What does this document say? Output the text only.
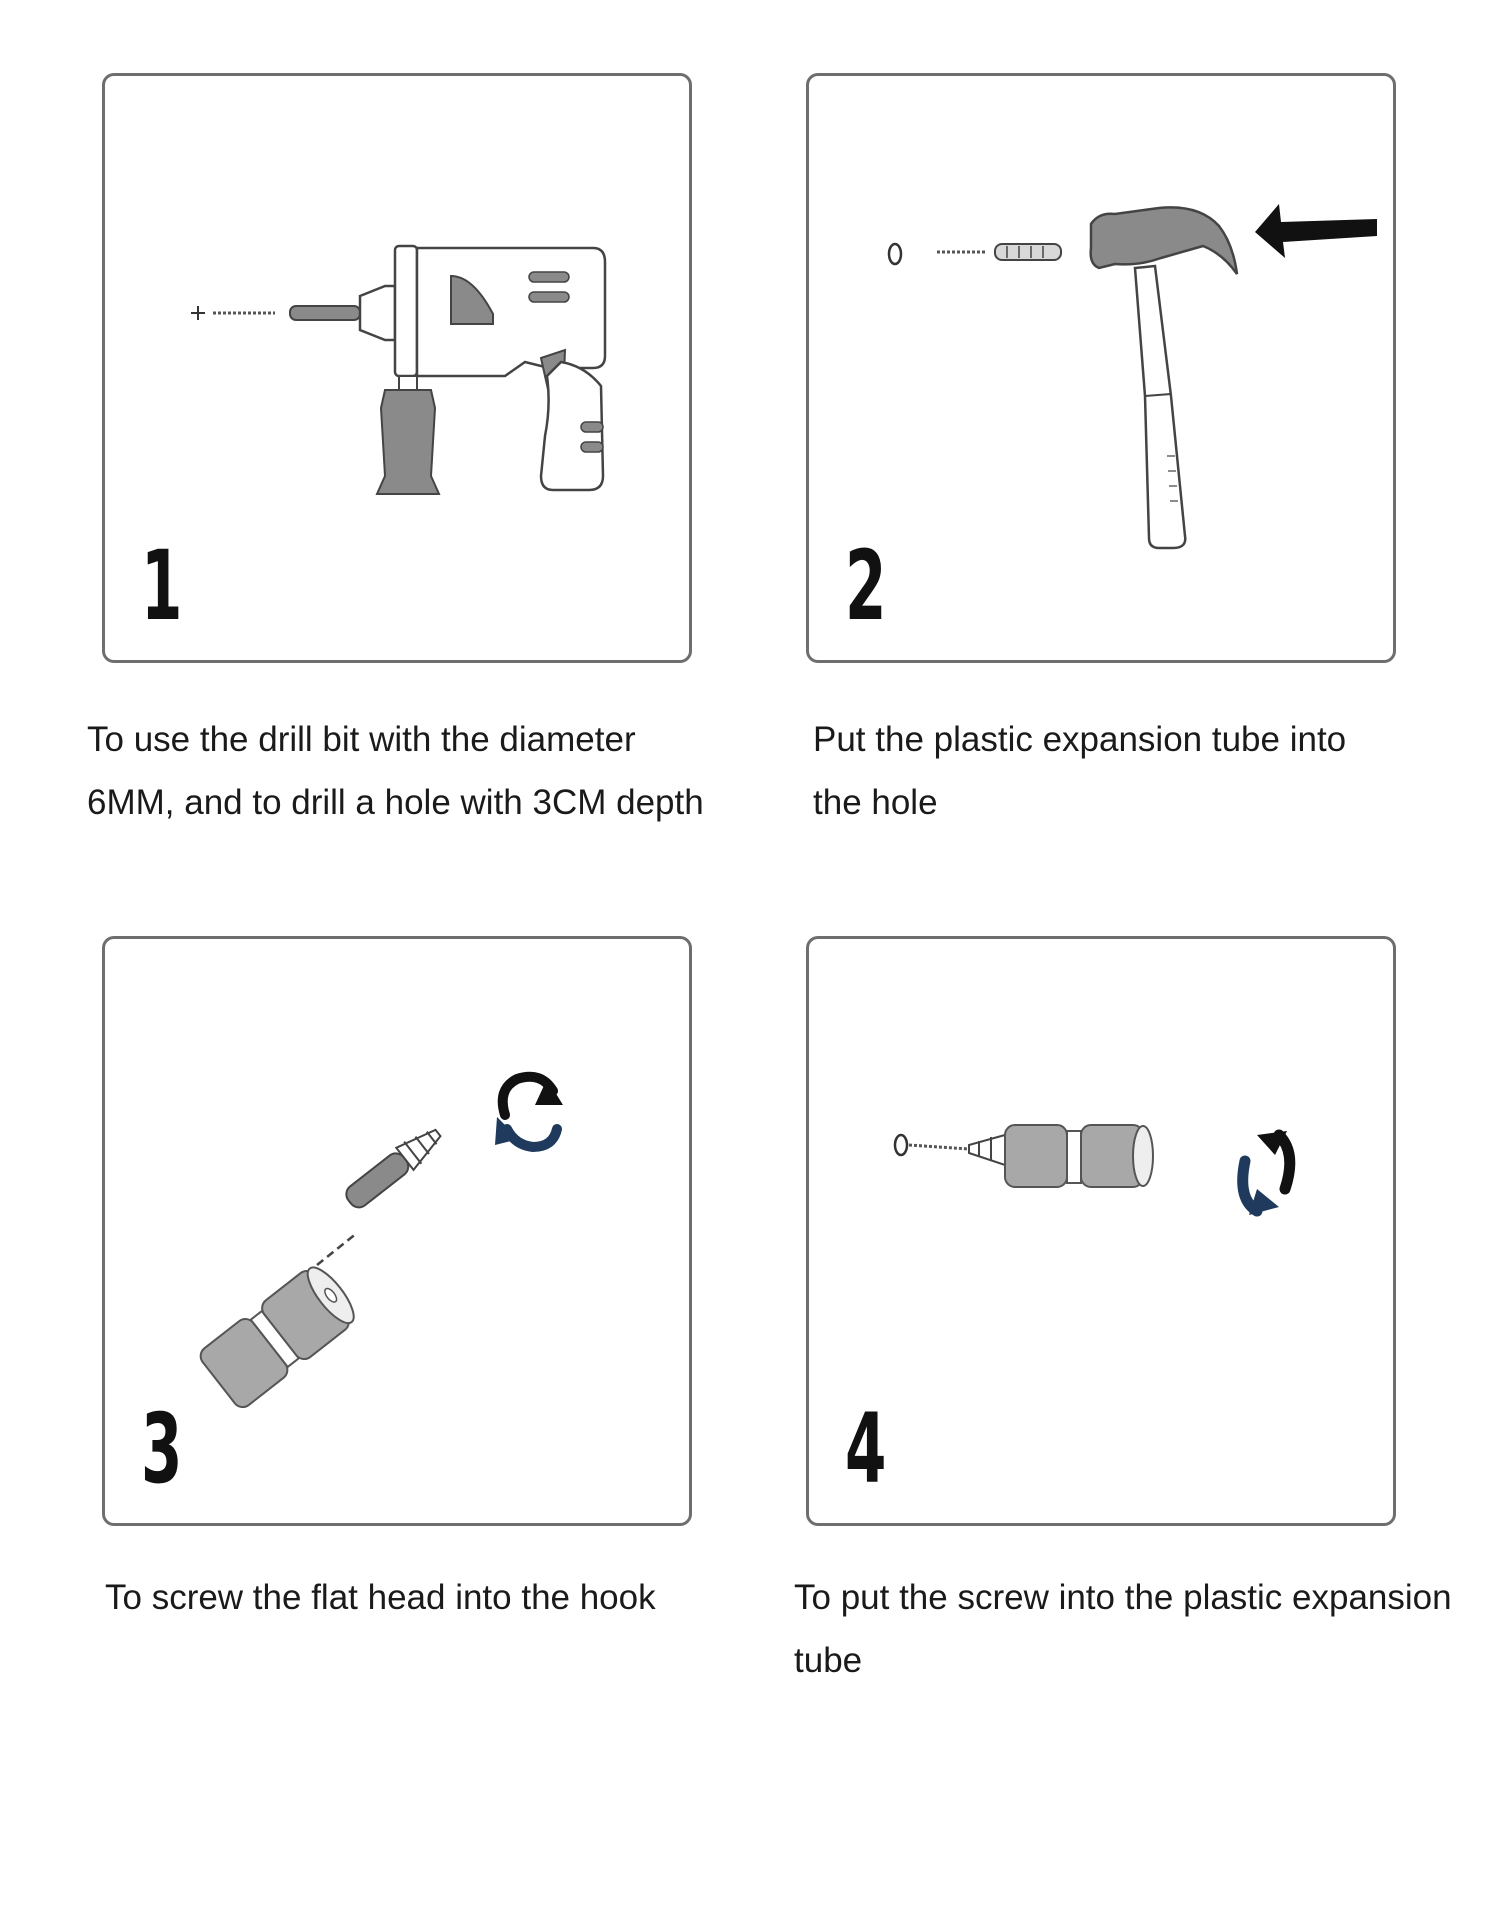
1
To use the drill bit with the diameter
6MM, and to drill a hole with 3CM depth
2
Put the plastic expansion tube into
the hole
3
To screw the flat head into the hook
4
To put the screw into the plastic expansion
tube
